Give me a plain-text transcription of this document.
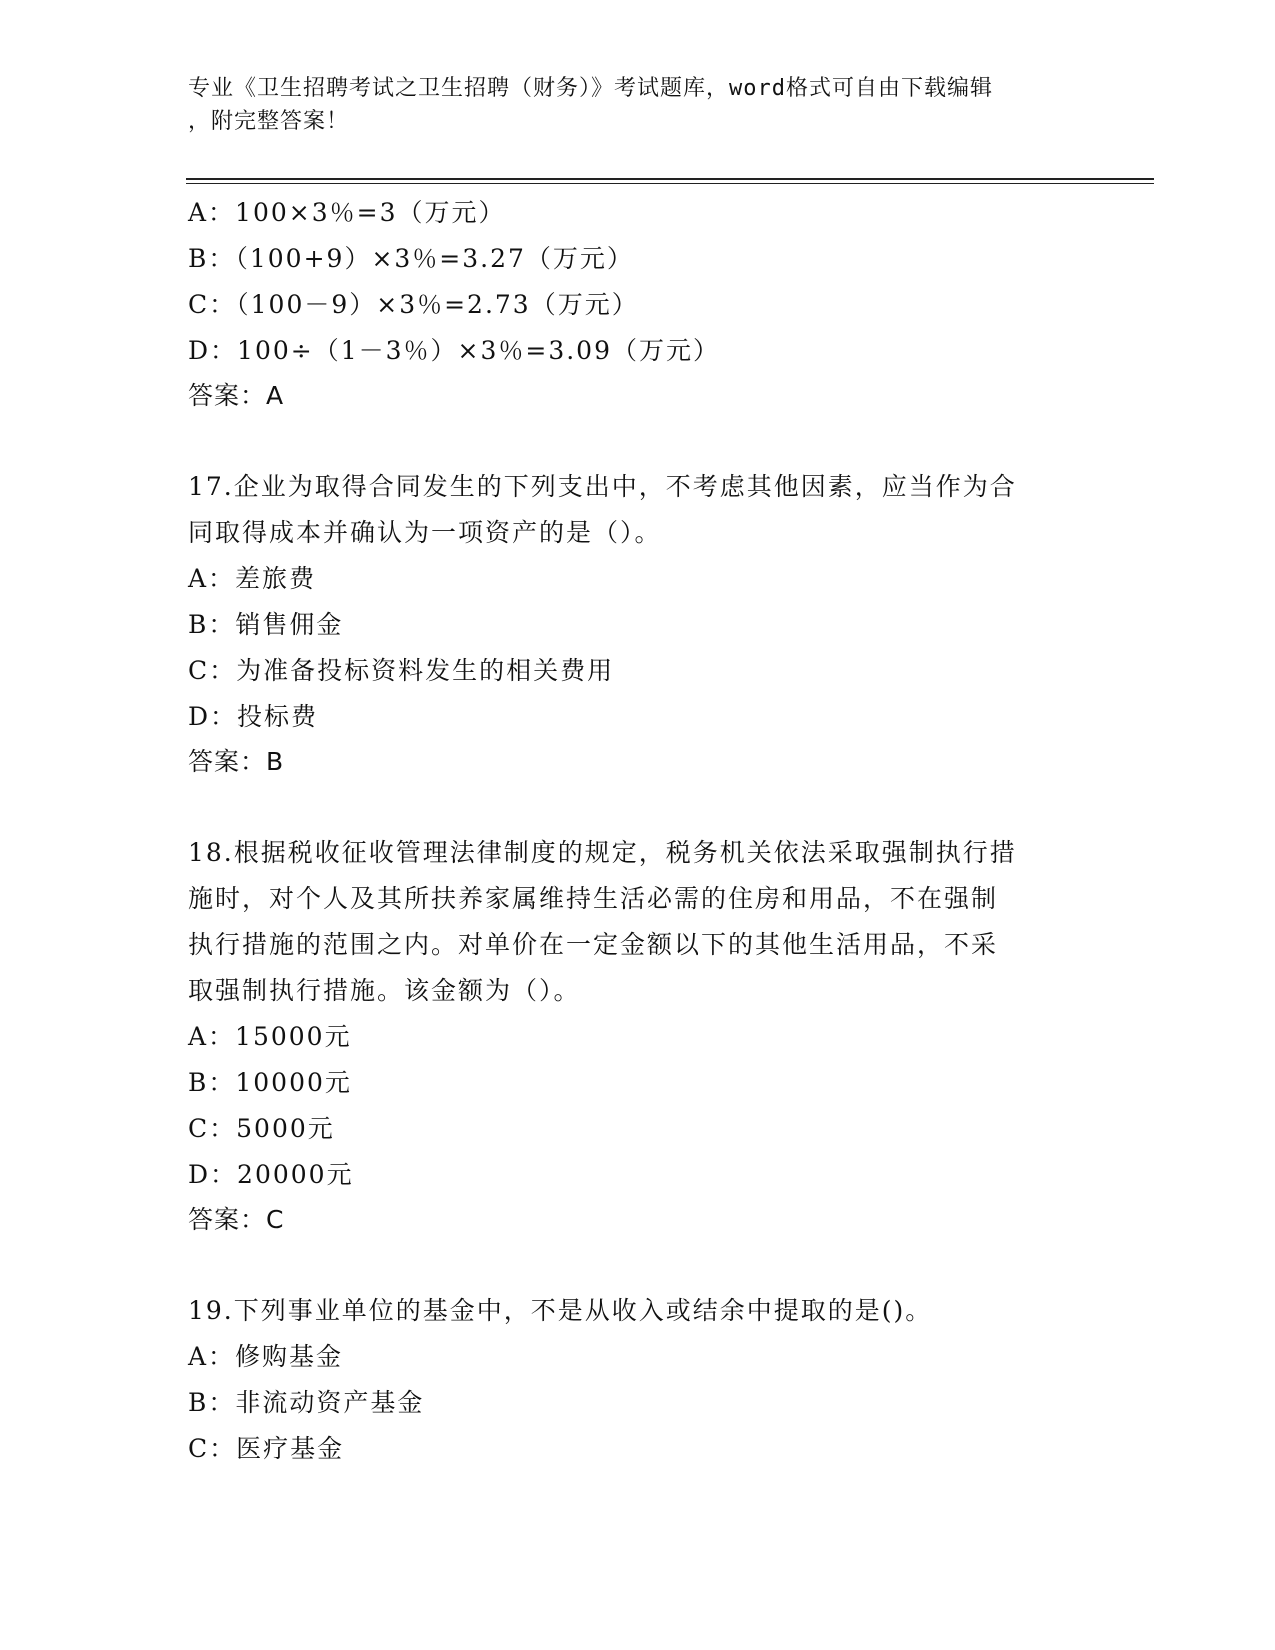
专业《卫生招聘考试之卫生招聘（财务）》考试题库，word格式可自由下载编辑
，附完整答案！
A：100×3％=3（万元）
B：（100+9）×3％=3.27（万元）
C：（100－9）×3％=2.73（万元）
D：100÷（1－3％）×3％=3.09（万元）
答案：A
17.企业为取得合同发生的下列支出中，不考虑其他因素，应当作为合
同取得成本并确认为一项资产的是（）。
A：差旅费
B：销售佣金
C：为准备投标资料发生的相关费用
D：投标费
答案：B
18.根据税收征收管理法律制度的规定，税务机关依法采取强制执行措
施时，对个人及其所扶养家属维持生活必需的住房和用品，不在强制
执行措施的范围之内。对单价在一定金额以下的其他生活用品，不采
取强制执行措施。该金额为（）。
A：15000元
B：10000元
C：5000元
D：20000元
答案：C
19.下列事业单位的基金中，不是从收入或结余中提取的是()。
A：修购基金
B：非流动资产基金
C：医疗基金
